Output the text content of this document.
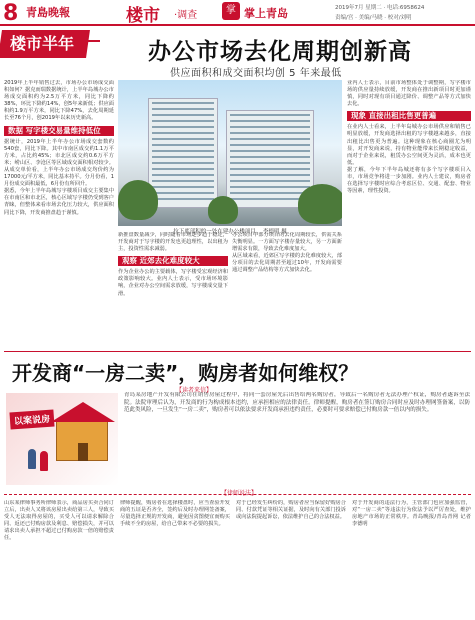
8 青島晚報	楼市 ·调查	掌 掌上青岛	2019年7月 星期二 · 电话:6958624
责编/宫 · 美编/马晓 · 校对/刘明
楼市半年报
办公市场去化周期创新高
供应面积和成交面积均创 5 年来最低

2019年上半年销售过去，市场办公市场成交面积如何？据克而瑞数据统计，上半年岛城办公市场成交面积约为2.5万平方米，同比下降约38%，环比下降约14%，创5年来新低；供应面积约1.9万平方米，同比下降47%，去化周期延长至76个月，创2019年以来历史新高。

数据 写字楼交易量维持低位

据统计，2019年上半年办公市场成交套数约540套，同比下降。其中市南区成交约1.1万平方米，占比约45%；市北区成交约0.6万平方米；崂山区、李沧区等区域成交面积相对较少。从成交单价看，上半年办公市场成交均价约为17000元/平方米，同比基本持平。分月份看，1月份成交面积最低，6月份有所回升。

据悉，今年上半年岛城写字楼项目成交主要集中在市南区和市北区，核心区域写字楼仍受到客户青睐，但整体来看市场去化压力较大，供应面积同比下降，开发商推盘趋于谨慎。

拉下底部积的一处在建办公楼项目。 李德明 摄

新推盘数量减少，同时随着市场逐步趋于稳定，开发商对于写字楼的开发也更趋理性，以出租为主，投资性需求减弱。

观察 近郊去化难度较大

作为企业办公的主要载体，写字楼受宏观经济和政策影响较大。业内人士表示，受市场环境影响，企业对办公空间需求放缓，写字楼成交量下滑。

办公项目中部分项目的去化周期较长，供需关系失衡明显。一方面写字楼存量较大，另一方面新增需求有限，导致去化难度加大。

从区域来看，近郊区写字楼的去化难度较大，部分项目的去化周期甚至超过10年，开发商需要通过调整产品结构等方式加快去化。

业内人士表示，目前市场整体处于调整期，写字楼市场的供应量持续放缓，开发商在推出新项目时更加谨慎，同时对现有项目通过降价、调整产品等方式加快去化。

现象 直接出租比售更普遍

在业内人士看来，上半年岛城办公市场供应和销售已明显放缓，开发商选择出租的写字楼越来越多，直接出租比出售更为普遍。这种现象在核心商圈尤为明显，对开发商来说，持有物业能带来长期稳定收益，而对于企业来说，租赁办公空间更为灵活，成本也更低。

据了解，今年下半年岛城还将有多个写字楼项目入市，市场竞争将进一步加剧。业内人士建议，购房者在选择写字楼时应综合考虑区位、交通、配套、物业等因素，理性投资。

开发商“一房二卖”，购房者如何维权？
【读者来信】
以案说房

青岛某房地产开发有限公司在销售房屋过程中，将同一套房屋先后出售给两名购房者，导致后一名购房者无法办理产权证，购房者遂诉至法院。法院审理后认为，开发商的行为构成根本违约，应承担相应的法律责任。律师提醒，购房者在签订购房合同时应及时办理网签备案，以防范此类风险，一旦发生“一房二卖”，购房者可以依法要求开发商承担违约责任，必要时可要求赔偿已付购房款一倍以内的损失。

【律师说法】
山东某律师事务所律师表示，商品房买卖合同订立后，出卖人又将该房屋出卖给第三人，导致买受人无法取得房屋的，买受人可以请求解除合同、返还已付购房款及利息、赔偿损失，并可以请求出卖人承担不超过已付购房款一倍的赔偿责任。
律师提醒，购房者在选择楼盘时，应当查验开发商的五证是否齐全，签约后及时办理网签备案，尽量选择正规的开发商，避免因贪图便宜而购买手续不全的房屋，给自己带来不必要的损失。
对于已经发生纠纷的，购房者应当保留好购房合同、付款凭证等相关证据，及时向有关部门投诉或向法院提起诉讼，依法维护自己的合法权益。
对于开发商的违法行为，主管部门也应加强监管，对“一房二卖”等违法行为依法予以严厉查处，维护房地产市场的正常秩序。青岛晚报/青岛青网 记者 李德明
